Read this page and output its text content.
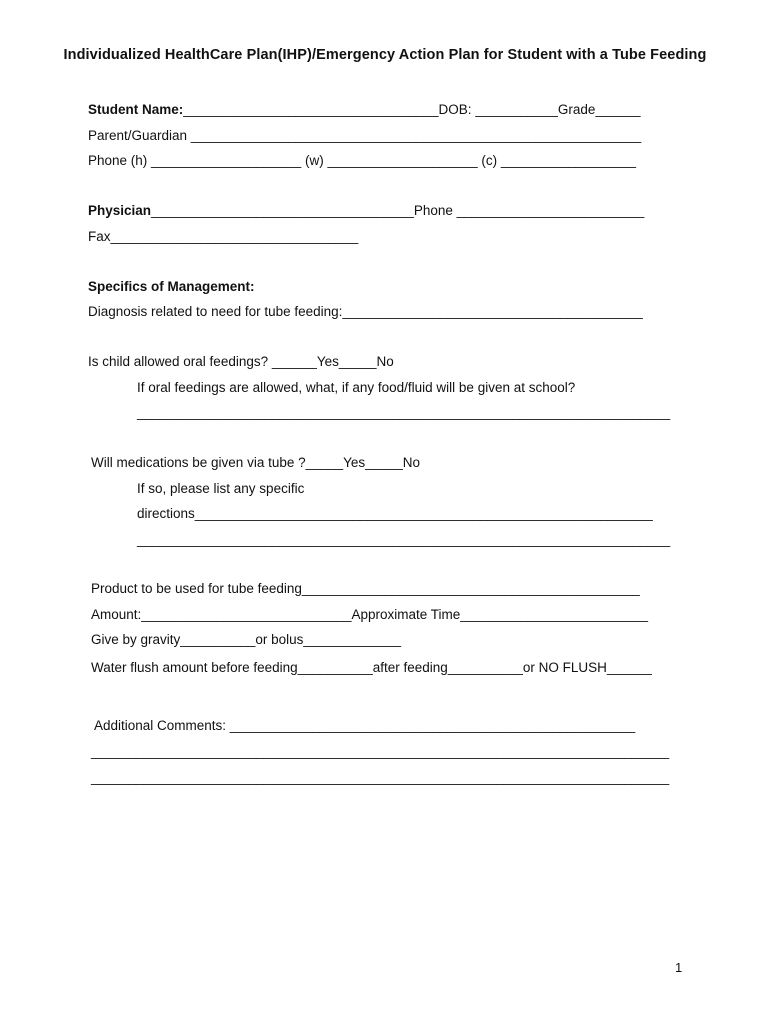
Individualized HealthCare Plan(IHP)/Emergency Action Plan for Student with a Tube Feeding
Student Name:__________________________________DOB: ___________Grade______
Parent/Guardian ____________________________________________________________
Phone (h) ____________________ (w) ____________________ (c) __________________
Physician___________________________________Phone _________________________
Fax_________________________________
Specifics of Management:
Diagnosis related to need for tube feeding:________________________________________
Is child allowed oral feedings? ______Yes_____No
If oral feedings are allowed, what, if any food/fluid will be given at school?
_______________________________________________________________________
Will medications be given via tube ?_____Yes_____No
If so, please list any specific
directions_____________________________________________________________
_______________________________________________________________________
Product to be used for tube feeding_____________________________________________
Amount:____________________________Approximate Time_________________________
Give by gravity__________or bolus_____________
Water flush amount before feeding__________after feeding__________or NO FLUSH______
Additional Comments: ______________________________________________________
_____________________________________________________________________________
_____________________________________________________________________________
1
